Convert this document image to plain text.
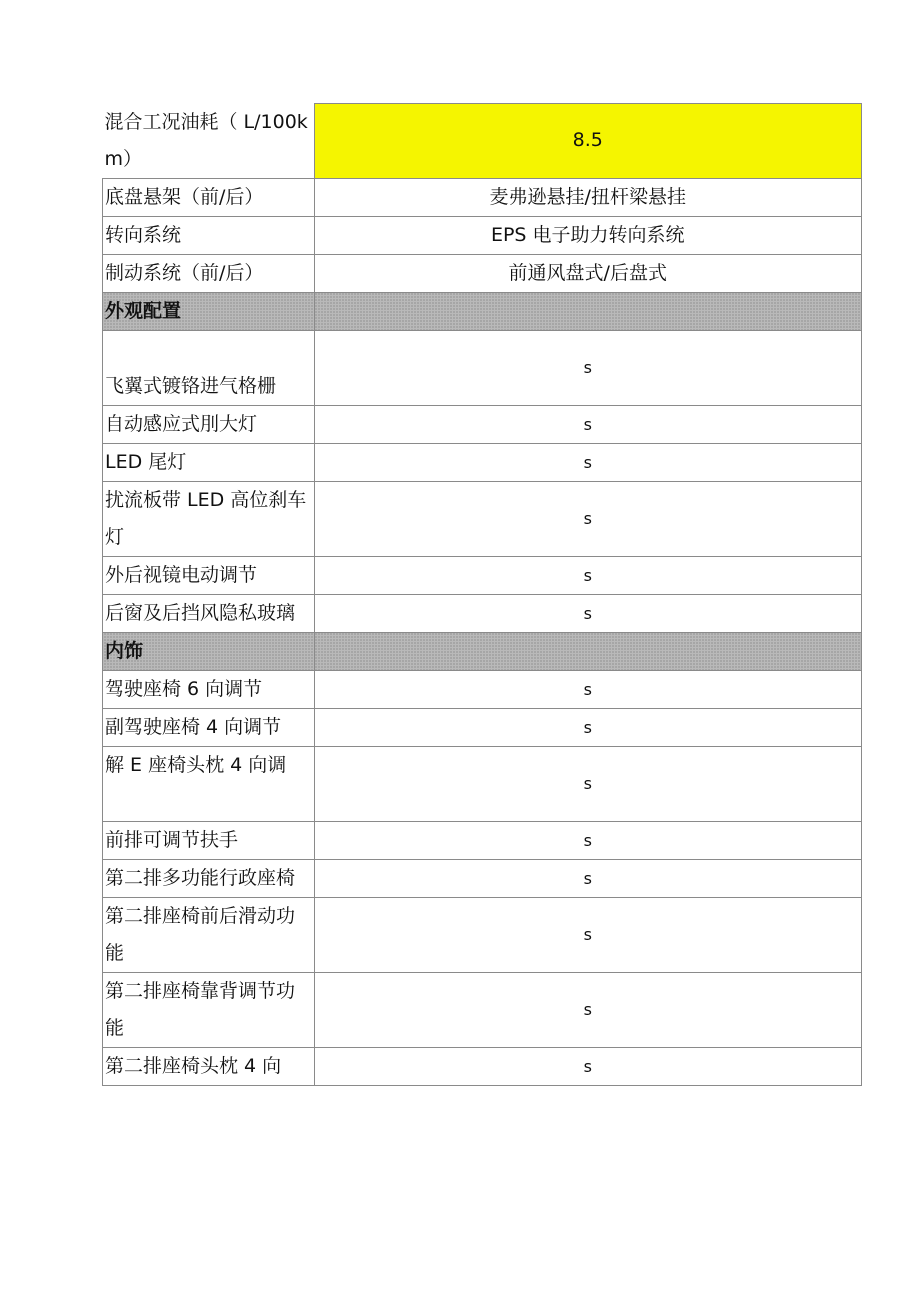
混合工况油耗（ L/100km）	8.5
底盘悬架（前/后）	麦弗逊悬挂/扭杆梁悬挂
转向系统	EPS 电子助力转向系统
制动系统（前/后）	前通风盘式/后盘式
外观配置	

飞翼式镀铬进气格栅	s
自动感应式刖大灯	s
LED 尾灯	s
扰流板带 LED 高位刹车灯	s
外后视镜电动调节	s
后窗及后挡风隐私玻璃	s
内饰	
驾驶座椅 6 向调节	s
副驾驶座椅 4 向调节	s
解 E 座椅头枕 4 向调	s
前排可调节扶手	s
第二排多功能行政座椅	s
第二排座椅前后滑动功能	s
第二排座椅靠背调节功能	s
第二排座椅头枕 4 向	s
